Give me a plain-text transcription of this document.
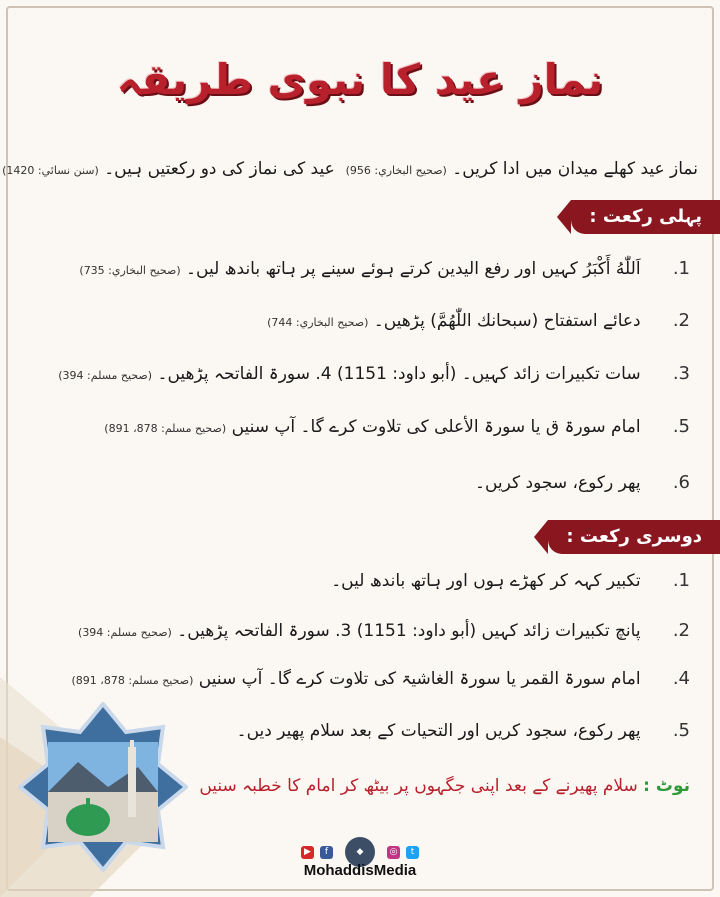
نماز عید کا نبوی طریقہ
نماز عید کھلے میدان میں ادا کریں۔ (صحيح البخاري: 956)  عید کی نماز کی دو رکعتیں ہیں۔ (سنن نسائي: 1420)
پہلی رکعت :
1. اَللّٰهُ أَكْبَرُ کہیں اور رفع الیدین کرتے ہوئے سینے پر ہاتھ باندھ لیں۔ (صحيح البخاري: 735)
2. دعائے استفتاح (سبحانك اللّٰهُمَّ) پڑھیں۔ (صحيح البخاري: 744)
3. سات تکبیرات زائد کہیں۔ (أبو داود: 1151) 4. سورۃ الفاتحہ پڑھیں۔ (صحيح مسلم: 394)
5. امام سورۃ ق یا سورۃ الأعلی کی تلاوت کرے گا۔ آپ سنیں (صحيح مسلم: 878، 891)
6. پھر رکوع، سجود کریں۔
دوسری رکعت :
1. تکبیر کہہ کر کھڑے ہوں اور ہاتھ باندھ لیں۔
2. پانچ تکبیرات زائد کہیں (أبو داود: 1151) 3. سورۃ الفاتحہ پڑھیں۔ (صحيح مسلم: 394)
4. امام سورۃ القمر یا سورۃ الغاشیۃ کی تلاوت کرے گا۔ آپ سنیں (صحيح مسلم: 878، 891)
5. پھر رکوع، سجود کریں اور التحیات کے بعد سلام پھیر دیں۔
نوٹ : سلام پھیرنے کے بعد اپنی جگہوں پر بیٹھ کر امام کا خطبہ سنیں
▶	f	◆	◎	t
MohaddisMedia
